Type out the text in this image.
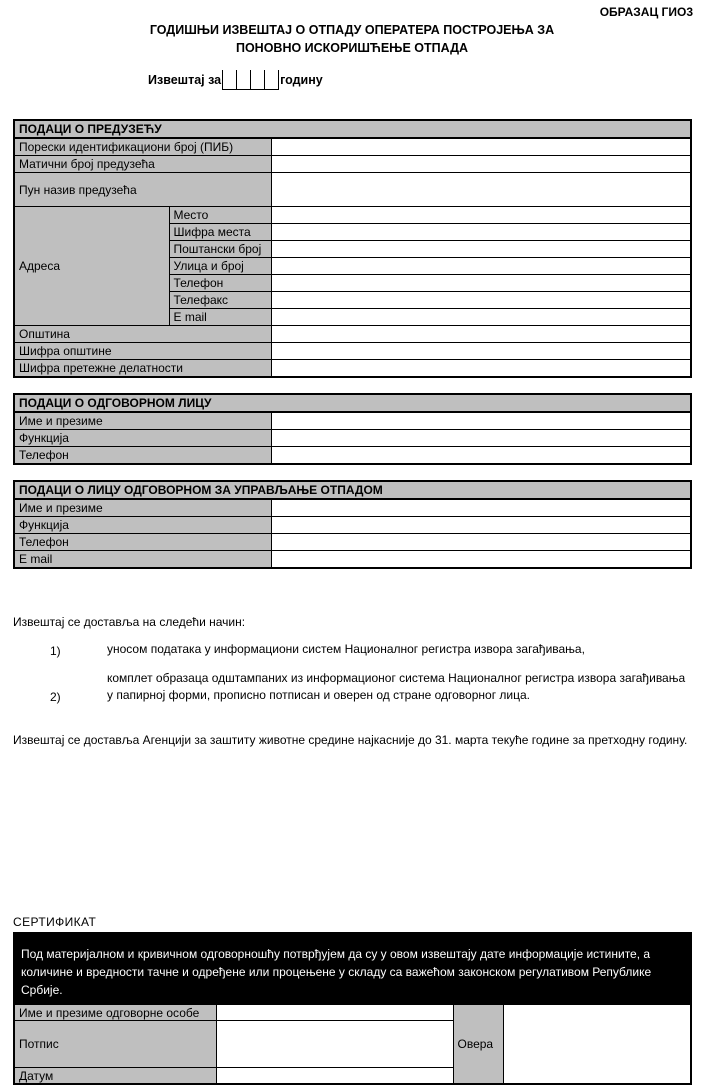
ОБРАЗАЦ ГИО3
ГОДИШЊИ ИЗВЕШТАЈ О ОТПАДУ ОПЕРАТЕРА ПОСТРОЈЕЊА ЗА
ПОНОВНО ИСКОРИШЋЕЊЕ ОТПАДА
Извештај за	годину
ПОДАЦИ О ПРЕДУЗЕЋУ		
Порески идентификациони број (ПИБ)		
Матични број предузећа		
Пун назив предузећа		
Адреса	Место	
	Шифра места	
	Поштански број	
	Улица и број	
	Телефон	
	Телефакс	
	E mail	
Општина		
Шифра општине		
Шифра претежне делатности		
ПОДАЦИ О ОДГОВОРНОМ ЛИЦУ	
Име и презиме	
Функција	
Телефон	
ПОДАЦИ О ЛИЦУ ОДГОВОРНОМ ЗА УПРАВЉАЊЕ ОТПАДОМ	
Име и презиме	
Функција	
Телефон	
E mail	
Извештај се доставља на следећи начин:
1)	уносом података у информациони систем Националног регистра извора загађивања,
2)
комплет образаца одштампаних из информационог система Националног регистра извора загађивања у папирној форми, прописно потписан и оверен од стране одговорног лица.
Извештај се доставља Агенцији за заштиту животне средине најкасније до 31. марта текуће године за претходну годину.
СЕРТИФИКАТ
Под материјалном и кривичном одговорношћу потврђујем да су у овом извештају дате информације истините, а количине и вредности тачне и одређене или процењене у складу са важећом законском регулативом Републике Србије.
Име и презиме одговорне особе		Овера	
Потпис			
Датум			
